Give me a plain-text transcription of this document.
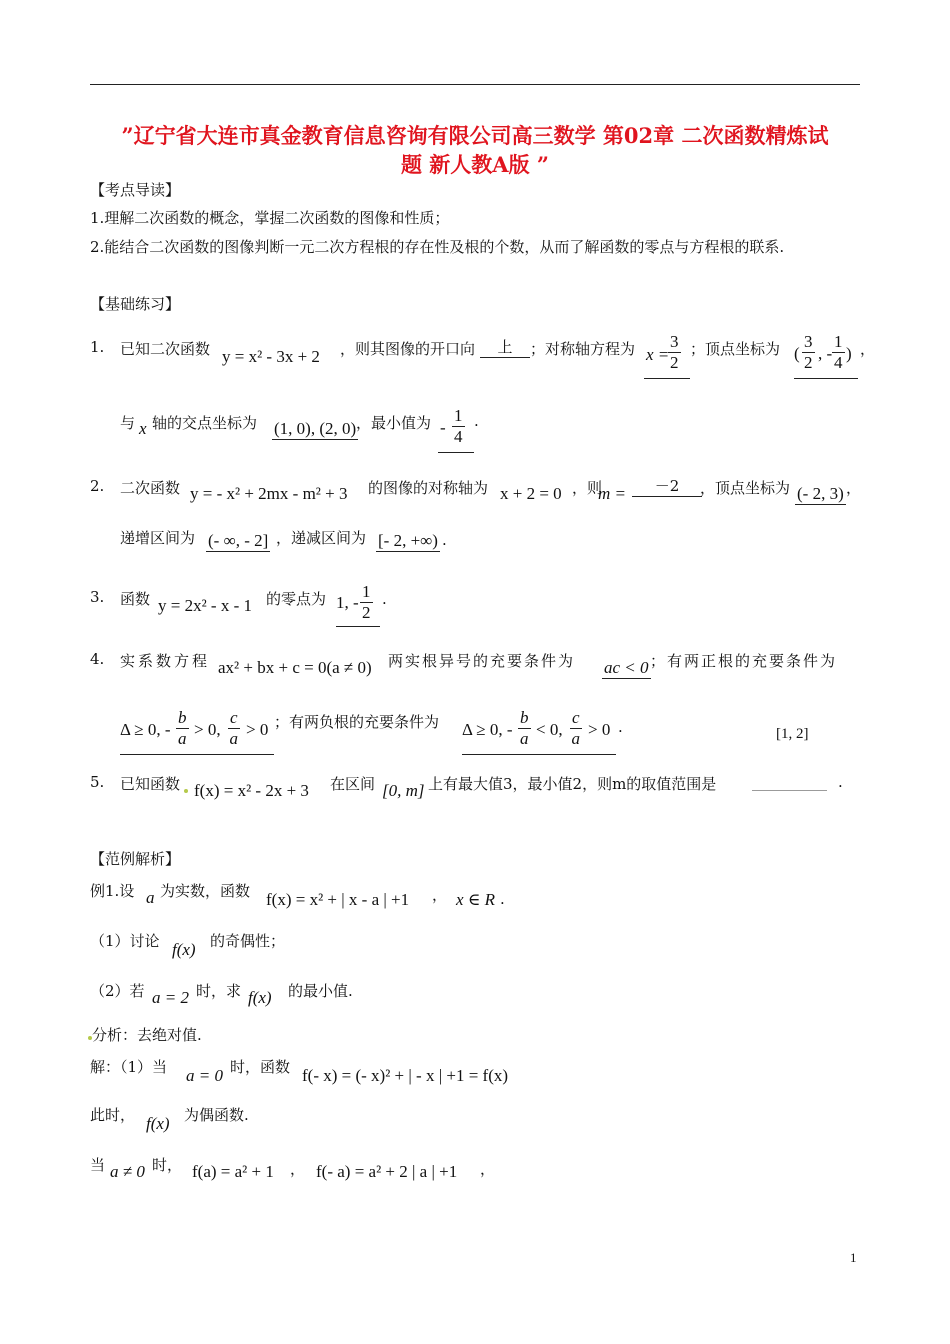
”辽宁省大连市真金教育信息咨询有限公司高三数学 第02章 二次函数精炼试
题 新人教A版 ”
【考点导读】
1.理解二次函数的概念，掌握二次函数的图像和性质；
2.能结合二次函数的图像判断一元二次方程根的存在性及根的个数，从而了解函数的零点与方程根的联系.
【基础练习】
1. 已知二次函数 y = x² - 3x + 2 ，则其图像的开口向	上	；对称轴方程为 x =
$\frac{3}{2}$ ；顶点坐标为 ( $\frac{3}{2}$ , - $\frac{1}{4}$ ) ，
与 x 轴的交点坐标为 (1, 0), (2, 0) ，最小值为 - $\frac{1}{4}$ .
2. 二次函数 y = - x² + 2mx - m² + 3 的图像的对称轴为 x + 2 = 0 ，则
m =	－2	，顶点坐标为 (- 2, 3) ，
递增区间为 (- ∞, - 2] ，递减区间为 [- 2, +∞) .
3. 函数 y = 2x² - x - 1 的零点为 1, - $\frac{1}{2}$ .
4. 实系数方程 ax² + bx + c = 0(a ≠ 0) 两实根异号的充要条件为 ac < 0 ；有两正根的充要条件为
Δ ≥ 0, - $\frac{b}{a} > 0$, $\frac{c}{a} > 0$ ；有两负根的充要条件为 Δ ≥ 0, - $\frac{b}{a} < 0$, $\frac{c}{a} > 0$ .	[1, 2]
5. 已知函数 f(x) = x² - 2x + 3 在区间 [0, m] 上有最大值3，最小值2，则m的取值范围是 __________ .
【范例解析】
例1.设 a 为实数，函数 f(x) = x² + | x - a | +1 ， x ∈ R .
（1）讨论 f(x) 的奇偶性；
（2）若 a = 2 时，求 f(x) 的最小值.
分析：去绝对值.
解：（1）当 a = 0 时，函数 f(- x) = (- x)² + | - x | +1 = f(x)
此时， f(x) 为偶函数.
当 a ≠ 0 时， f(a) = a² + 1 ， f(- a) = a² + 2 | a | +1 ，
1
